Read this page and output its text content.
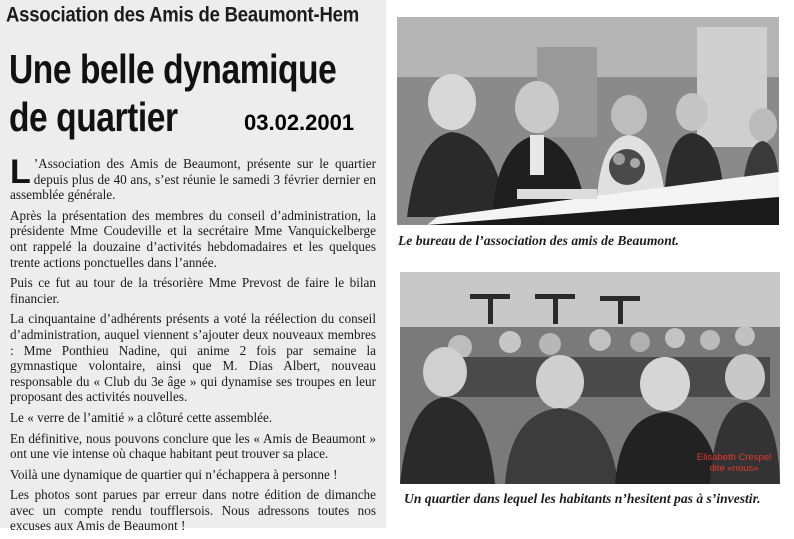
Association des Amis de Beaumont-Hem
Une belle dynamique
de quartier	03.02.2001

L ’Association des Amis de Beaumont, présente sur le quartier depuis plus de 40 ans, s’est réunie le samedi 3 février dernier en assemblée générale.

Après la présentation des membres du conseil d’administration, la présidente Mme Coudeville et la secrétaire Mme Vanquickelberge ont rappelé la douzaine d’activités hebdomadaires et les quelques trente actions ponctuelles dans l’année.

Puis ce fut au tour de la trésorière Mme Prevost de faire le bilan financier.

La cinquantaine d’adhérents présents a voté la réélection du conseil d’administration, auquel viennent s’ajouter deux nouveaux membres : Mme Ponthieu Nadine, qui anime 2 fois par semaine la gymnastique volontaire, ainsi que M. Dias Albert, nouveau responsable du « Club du 3e âge » qui dynamise ses troupes en leur proposant des activités nouvelles.

Le « verre de l’amitié » a clôturé cette assemblée.

En définitive, nous pouvons conclure que les « Amis de Beaumont » ont une vie intense où chaque habitant peut trouver sa place.

Voilà une dynamique de quartier qui n’échappera à personne !

Les photos sont parues par erreur dans notre édition de dimanche avec un compte rendu toufflersois. Nous adressons toutes nos excuses aux Amis de Beaumont !

Le bureau de l’association des amis de Beaumont.
Elisabeth Crespel
dite «nous»
Un quartier dans lequel les habitants n’hesitent pas à s’investir.
